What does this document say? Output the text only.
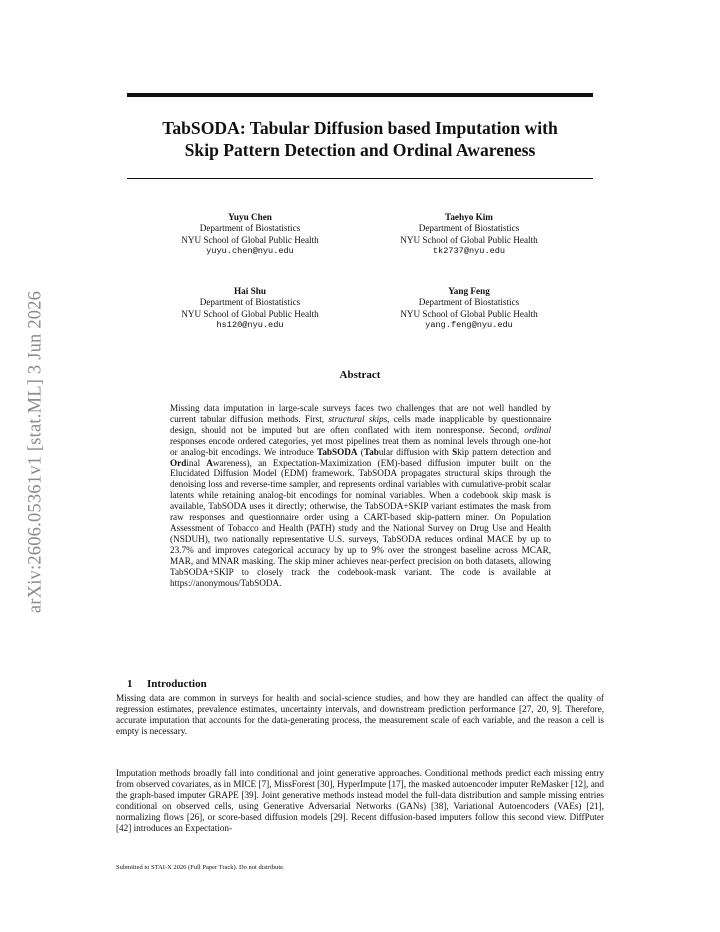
arXiv:2606.05361v1 [stat.ML] 3 Jun 2026
TabSODA: Tabular Diffusion based Imputation with
Skip Pattern Detection and Ordinal Awareness
Yuyu Chen
Department of Biostatistics
NYU School of Global Public Health
yuyu.chen@nyu.edu
Taehyo Kim
Department of Biostatistics
NYU School of Global Public Health
tk2737@nyu.edu
Hai Shu
Department of Biostatistics
NYU School of Global Public Health
hs120@nyu.edu
Yang Feng
Department of Biostatistics
NYU School of Global Public Health
yang.feng@nyu.edu
Abstract

Missing data imputation in large-scale surveys faces two challenges that are not well handled by current tabular diffusion methods. First, structural skips, cells made inapplicable by questionnaire design, should not be imputed but are often conflated with item nonresponse. Second, ordinal responses encode ordered categories, yet most pipelines treat them as nominal levels through one-hot or analog-bit encodings. We introduce TabSODA (Tabular diffusion with Skip pattern detection and Ordinal Awareness), an Expectation-Maximization (EM)-based diffusion imputer built on the Elucidated Diffusion Model (EDM) framework. TabSODA propagates structural skips through the denoising loss and reverse-time sampler, and represents ordinal variables with cumulative-probit scalar latents while retaining analog-bit encodings for nominal variables. When a codebook skip mask is available, TabSODA uses it directly; otherwise, the TabSODA+SKIP variant estimates the mask from raw responses and questionnaire order using a CART-based skip-pattern miner. On Population Assessment of Tobacco and Health (PATH) study and the National Survey on Drug Use and Health (NSDUH), two nationally representative U.S. surveys, TabSODA reduces ordinal MACE by up to 23.7% and improves categorical accuracy by up to 9% over the strongest baseline across MCAR, MAR, and MNAR masking. The skip miner achieves near-perfect precision on both datasets, allowing TabSODA+SKIP to closely track the codebook-mask variant. The code is available at https://anonymous/TabSODA.

1 Introduction

Missing data are common in surveys for health and social-science studies, and how they are handled can affect the quality of regression estimates, prevalence estimates, uncertainty intervals, and downstream prediction performance [27, 20, 9]. Therefore, accurate imputation that accounts for the data-generating process, the measurement scale of each variable, and the reason a cell is empty is necessary.

Imputation methods broadly fall into conditional and joint generative approaches. Conditional methods predict each missing entry from observed covariates, as in MICE [7], MissForest [30], HyperImpute [17], the masked autoencoder imputer ReMasker [12], and the graph-based imputer GRAPE [39]. Joint generative methods instead model the full-data distribution and sample missing entries conditional on observed cells, using Generative Adversarial Networks (GANs) [38], Variational Autoencoders (VAEs) [21], normalizing flows [26], or score-based diffusion models [29]. Recent diffusion-based imputers follow this second view. DiffPuter [42] introduces an Expectation-

Submitted to STAI-X 2026 (Full Paper Track). Do not distribute.
